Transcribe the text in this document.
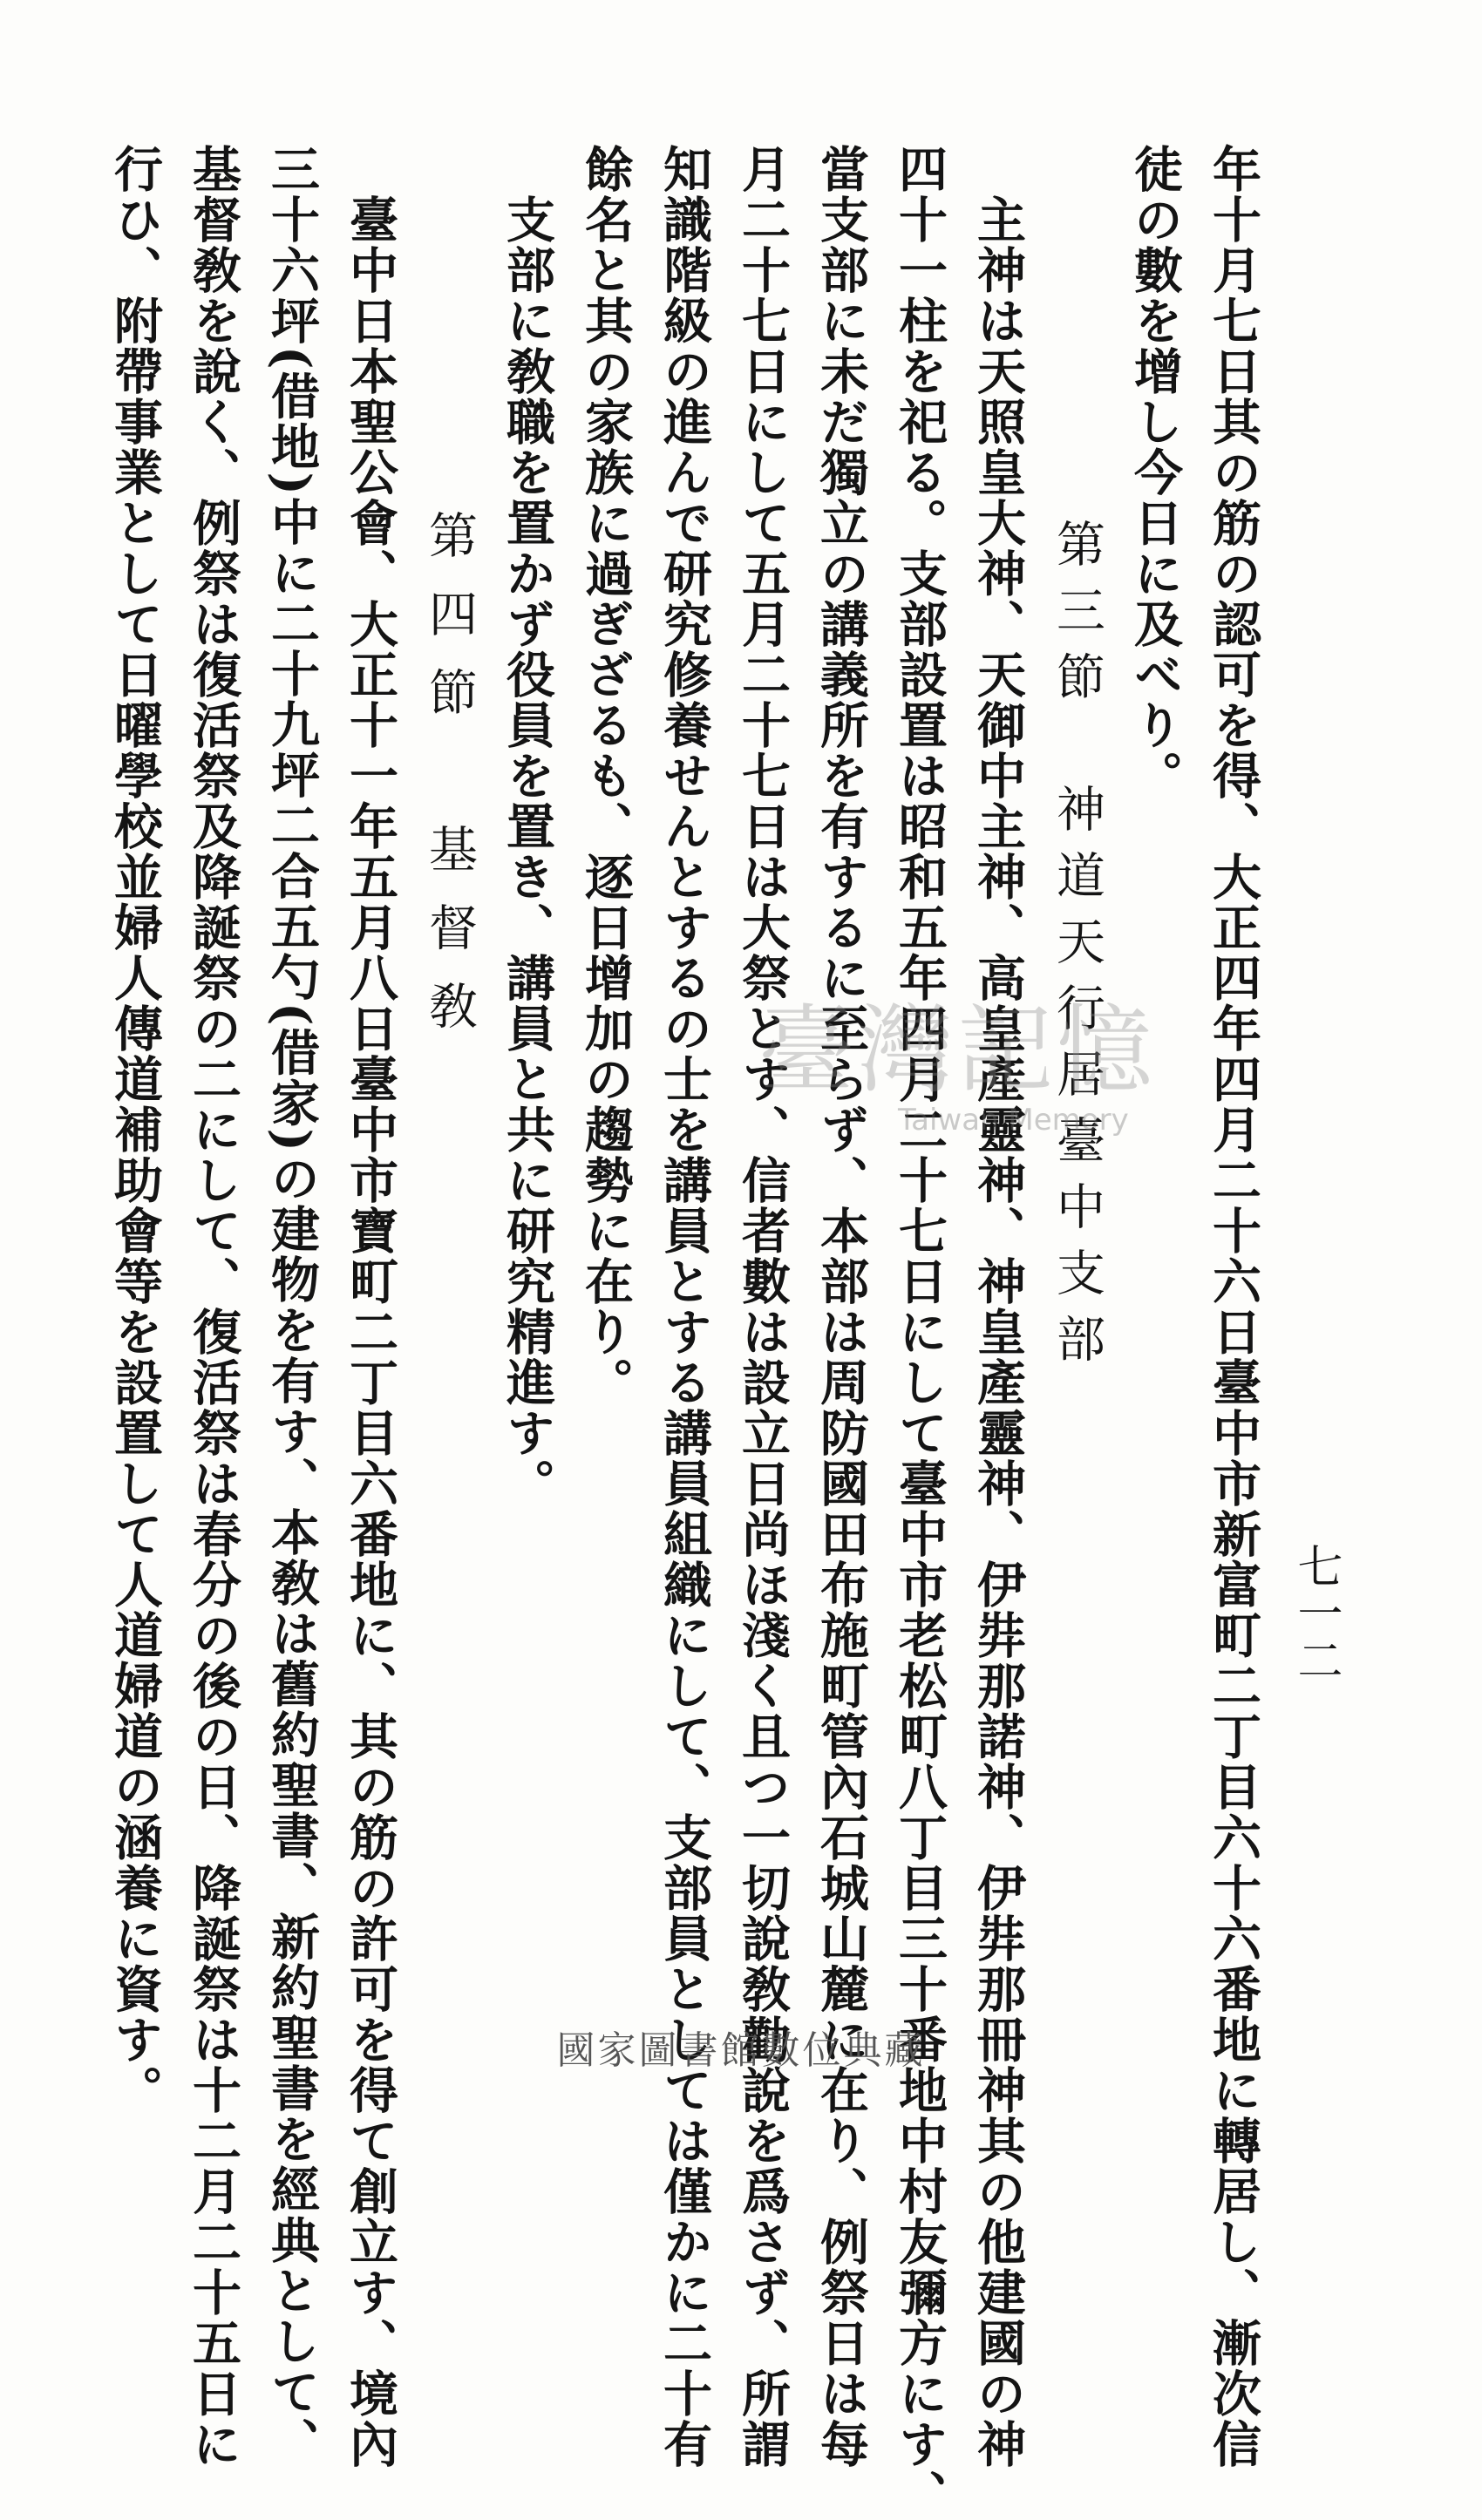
七一二
年十月七日其の筋の認可を得、大正四年四月二十六日臺中市新富町二丁目六十六番地に轉居し、漸次信
徒の數を增し今日に及べり。
第三節　神道天行居臺中支部
主神は天照皇大神、天御中主神、高皇產靈神、神皇產靈神、伊弉那諾神、伊弉那冊神其の他建國の神
四十一柱を祀る。支部設置は昭和五年四月二十七日にして臺中市老松町八丁目三十番地中村友彌方にす、
當支部に未だ獨立の講義所を有するに至らず、本部は周防國田布施町管內石城山麓に在り、例祭日は每
月二十七日にして五月二十七日は大祭とす、信者數は設立日尚ほ淺く且つ一切說敎勸說を爲さず、所謂
知識階級の進んで研究修養せんとするの士を講員とする講員組織にして、支部員としては僅かに二十有
餘名と其の家族に過ぎざるも、逐日增加の趨勢に在り。
支部に敎職を置かず役員を置き、講員と共に研究精進す。
第四節　基督敎
臺中日本聖公會、大正十一年五月八日臺中市寶町二丁目六番地に、其の筋の許可を得て創立す、境內
三十六坪(借地)中に二十九坪二合五勺(借家)の建物を有す、本敎は舊約聖書、新約聖書を經典として、
基督敎を說く、例祭は復活祭及降誕祭の二にして、復活祭は春分の後の日、降誕祭は十二月二十五日に
行ひ、附帶事業として日曜學校並婦人傳道補助會等を設置して人道婦道の涵養に資す。	臺灣記憶
Taiwan Memory
國家圖書館數位典藏
